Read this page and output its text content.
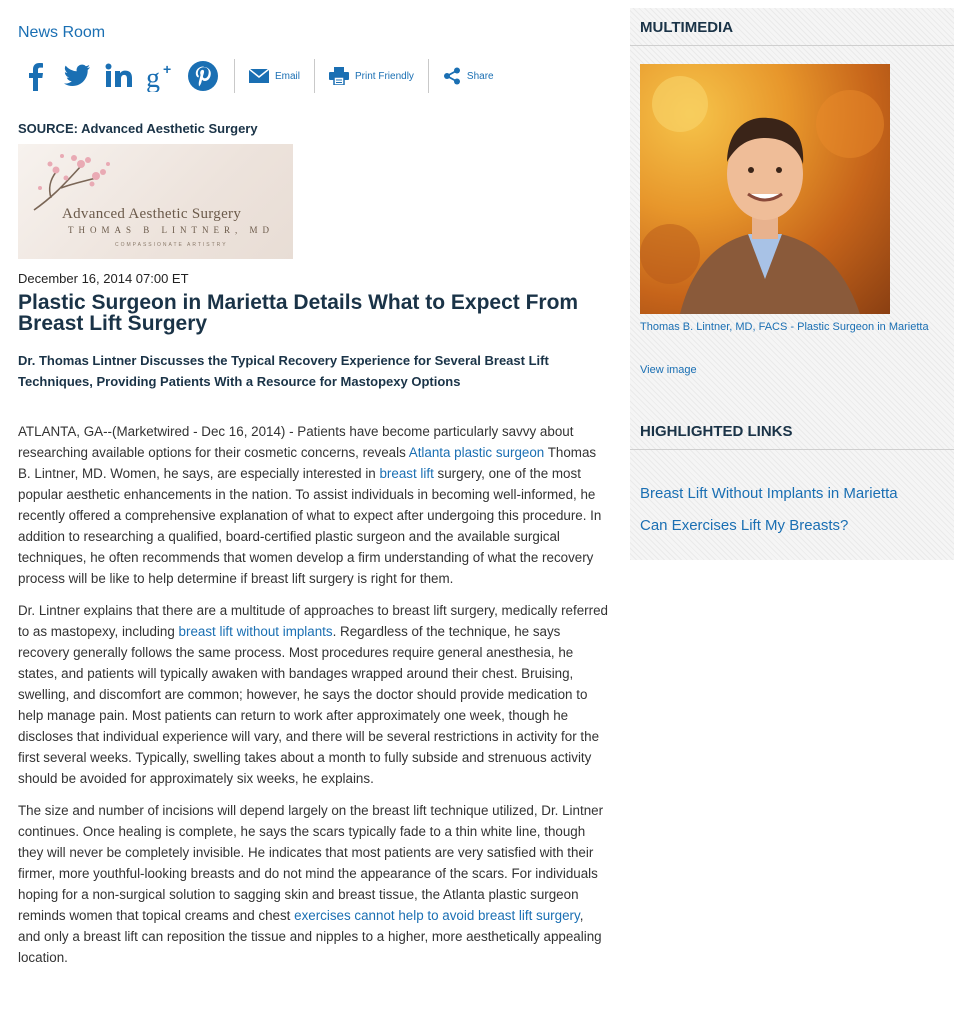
News Room
g +	Email	Print Friendly	Share
SOURCE: Advanced Aesthetic Surgery
Advanced Aesthetic Surgery
THOMAS B LINTNER, MD
COMPASSIONATE ARTISTRY
December 16, 2014 07:00 ET
Plastic Surgeon in Marietta Details What to Expect From Breast Lift Surgery
Dr. Thomas Lintner Discusses the Typical Recovery Experience for Several Breast Lift Techniques, Providing Patients With a Resource for Mastopexy Options

ATLANTA, GA--(Marketwired - Dec 16, 2014) - Patients have become particularly savvy about researching available options for their cosmetic concerns, reveals Atlanta plastic surgeon Thomas B. Lintner, MD. Women, he says, are especially interested in breast lift surgery, one of the most popular aesthetic enhancements in the nation. To assist individuals in becoming well-informed, he recently offered a comprehensive explanation of what to expect after undergoing this procedure. In addition to researching a qualified, board-certified plastic surgeon and the available surgical techniques, he often recommends that women develop a firm understanding of what the recovery process will be like to help determine if breast lift surgery is right for them.

Dr. Lintner explains that there are a multitude of approaches to breast lift surgery, medically referred to as mastopexy, including breast lift without implants. Regardless of the technique, he says recovery generally follows the same process. Most procedures require general anesthesia, he states, and patients will typically awaken with bandages wrapped around their chest. Bruising, swelling, and discomfort are common; however, he says the doctor should provide medication to help manage pain. Most patients can return to work after approximately one week, though he discloses that individual experience will vary, and there will be several restrictions in activity for the first several weeks. Typically, swelling takes about a month to fully subside and strenuous activity should be avoided for approximately six weeks, he explains.

The size and number of incisions will depend largely on the breast lift technique utilized, Dr. Lintner continues. Once healing is complete, he says the scars typically fade to a thin white line, though they will never be completely invisible. He indicates that most patients are very satisfied with their firmer, more youthful-looking breasts and do not mind the appearance of the scars. For individuals hoping for a non-surgical solution to sagging skin and breast tissue, the Atlanta plastic surgeon reminds women that topical creams and chest exercises cannot help to avoid breast lift surgery, and only a breast lift can reposition the tissue and nipples to a higher, more aesthetically appealing location.

MULTIMEDIA
Thomas B. Lintner, MD, FACS - Plastic Surgeon in Marietta
View image
HIGHLIGHTED LINKS
Breast Lift Without Implants in Marietta
Can Exercises Lift My Breasts?
